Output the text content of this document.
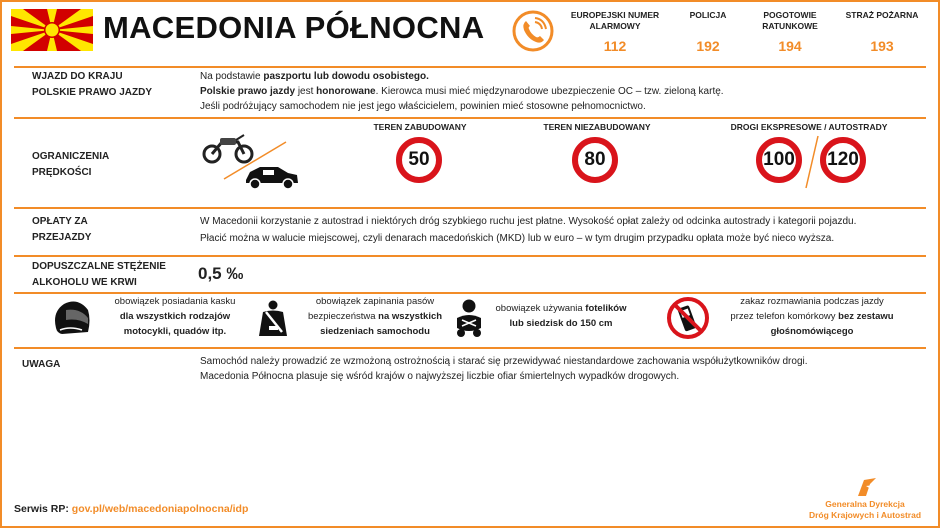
MACEDONIA PÓŁNOCNA	EUROPEJSKI NUMER
ALARMOWY
112
POLICJA
192
POGOTOWIE
RATUNKOWE
194
STRAŻ POŻARNA
193
WJAZD DO KRAJU
POLSKIE PRAWO JAZDY
Na podstawie paszportu lub dowodu osobistego.
Polskie prawo jazdy jest honorowane. Kierowca musi mieć międzynarodowe ubezpieczenie OC – tzw. zieloną kartę.
Jeśli podróżujący samochodem nie jest jego właścicielem, powinien mieć stosowne pełnomocnictwo.
OGRANICZENIA
PRĘDKOŚCI
TEREN ZABUDOWANY
50
TEREN NIEZABUDOWANY
80
DROGI EKSPRESOWE / AUTOSTRADY
100	120
OPŁATY ZA
PRZEJAZDY
W Macedonii korzystanie z autostrad i niektórych dróg szybkiego ruchu jest płatne. Wysokość opłat zależy od odcinka autostrady i kategorii pojazdu.
Płacić można w walucie miejscowej, czyli denarach macedońskich (MKD) lub w euro – w tym drugim przypadku opłata może być nieco wyższa.
DOPUSZCZALNE STĘŻENIE
ALKOHOLU WE KRWI	0,5 ‰
obowiązek posiadania kasku
dla wszystkich rodzajów
motocykli, quadów itp.
obowiązek zapinania pasów
bezpieczeństwa na wszystkich
siedzeniach samochodu
obowiązek używania fotelików
lub siedzisk do 150 cm
zakaz rozmawiania podczas jazdy
przez telefon komórkowy bez zestawu
głośnomówiącego
UWAGA	Samochód należy prowadzić ze wzmożoną ostrożnością i starać się przewidywać niestandardowe zachowania współużytkowników drogi.
Macedonia Północna plasuje się wśród krajów o najwyższej liczbie ofiar śmiertelnych wypadków drogowych.
Serwis RP: gov.pl/web/macedoniapolnocna/idp	Generalna Dyrekcja
Dróg Krajowych i Autostrad
